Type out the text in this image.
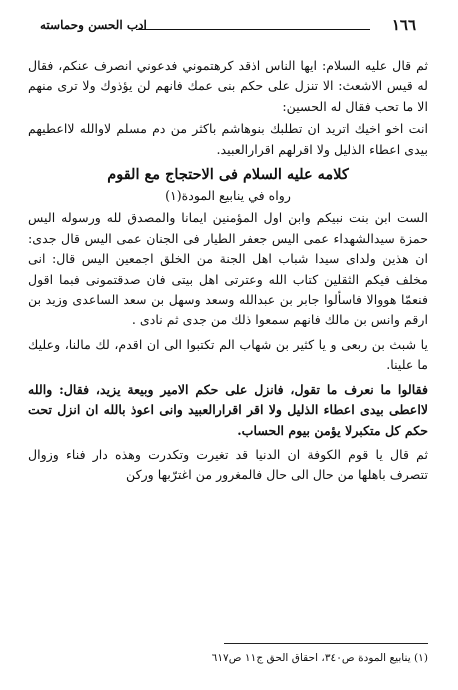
١٦٦
ادب الحسن وحماسته

ثم قال عليه السلام: ايها الناس اذقد كرهتموني فدعوني انصرف عنكم، فقال له قيس الاشعث: الا تنزل على حكم بنى عمك فانهم لن يؤذوك ولا ترى منهم الا ما تحب فقال له الحسين:

انت اخو اخيك اتريد ان تطلبك بنوهاشم باكثر من دم مسلم لاوالله لااعطيهم بيدى اعطاء الذليل ولا اقرلهم اقرارالعبيد.

كلامه عليه السلام فى الاحتجاج مع القوم

رواه في ينابيع المودة(١)

الست ابن بنت نبيكم وابن اول المؤمنين ايمانا والمصدق لله ورسوله اليس حمزة سيدالشهداء عمى اليس جعفر الطيار فى الجنان عمى اليس قال جدى: ان هذين ولداى سيدا شباب اهل الجنة من الخلق اجمعين اليس قال: انى مخلف فيكم الثقلين كتاب الله وعترتى اهل بيتى فان صدقتمونى فبما اقول فنعمّا هووالا فاسألوا جابر بن عبدالله وسعد وسهل بن سعد الساعدى وزيد بن ارقم وانس بن مالك فانهم سمعوا ذلك من جدى ثم نادى .

يا شبث بن ربعى و يا كثير بن شهاب الم تكتبوا الى ان اقدم، لك مالنا، وعليك ما علينا.

فقالوا ما نعرف ما تقول، فانزل على حكم الامير وبيعة يزيد، فقال: والله لااعطى بيدى اعطاء الذليل ولا اقر اقرارالعبيد وانى اعوذ بالله ان انزل تحت حكم كل متكبرلا يؤمن بيوم الحساب.

ثم قال يا قوم الكوفة ان الدنيا قد تغيرت وتكدرت وهذه دار فناء وزوال تتصرف باهلها من حال الى حال فالمغرور من اغترّبها وركن

(١) ينابيع المودة ص٣٤٠، احقاق الحق ج١١ ص٦١٧
